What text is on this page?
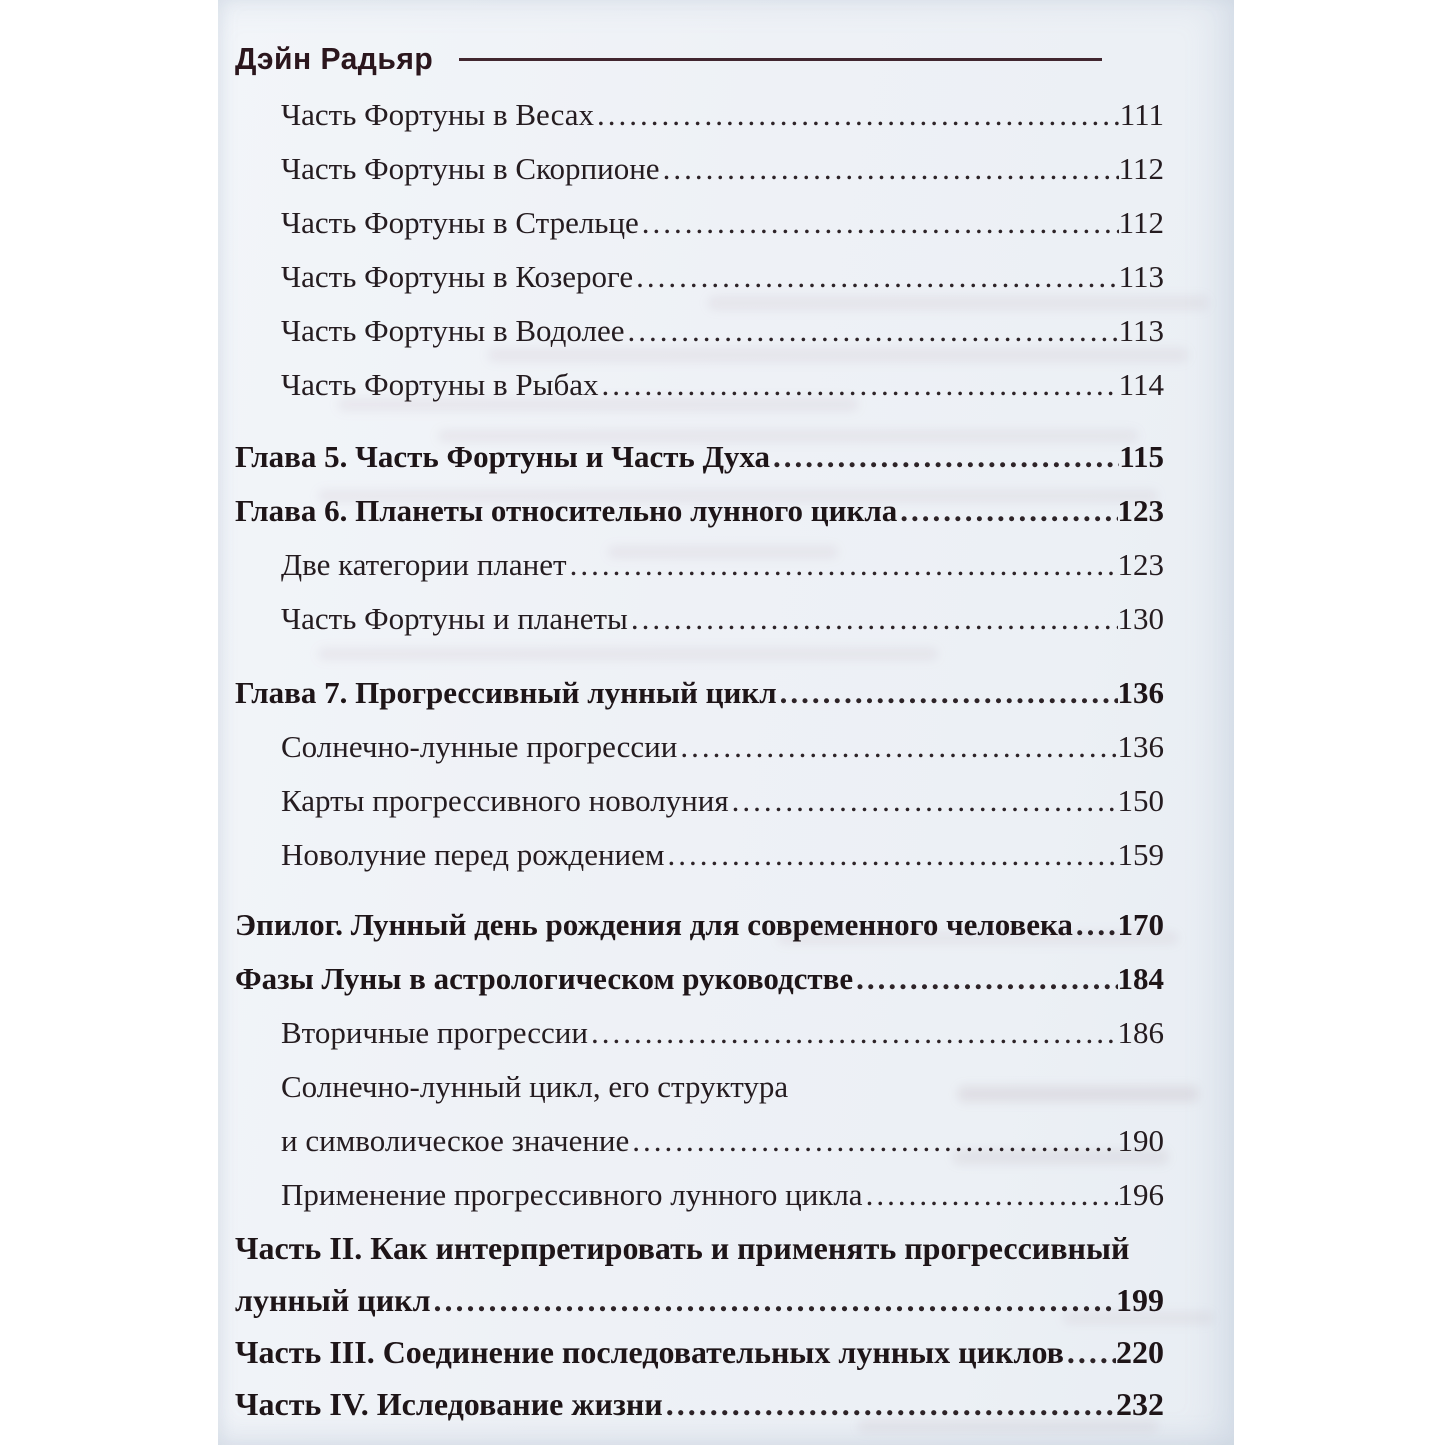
Дэйн Радьяр
Часть Фортуны в Весах .....	111
Часть Фортуны в Скорпионе .....	112
Часть Фортуны в Стрельце .....	112
Часть Фортуны в Козероге .....	113
Часть Фортуны в Водолее .....	113
Часть Фортуны в Рыбах .....	114
Глава 5. Часть Фортуны и Часть Духа .....	115
Глава 6. Планеты относительно лунного цикла .....	123
Две категории планет .....	123
Часть Фортуны и планеты .....	130
Глава 7. Прогрессивный лунный цикл .....	136
Солнечно-лунные прогрессии .....	136
Карты прогрессивного новолуния .....	150
Новолуние перед рождением .....	159
Эпилог. Лунный день рождения для современного человека ..... 170
Фазы Луны в астрологическом руководстве .....	184
Вторичные прогрессии .....	186
Солнечно-лунный цикл, его структура
и символическое значение .....	190
Применение прогрессивного лунного цикла .....	196
Часть II. Как интерпретировать и применять прогрессивный
лунный цикл .....	199
Часть III. Соединение последовательных лунных циклов ..... 220
Часть IV. Иследование жизни .....	232
